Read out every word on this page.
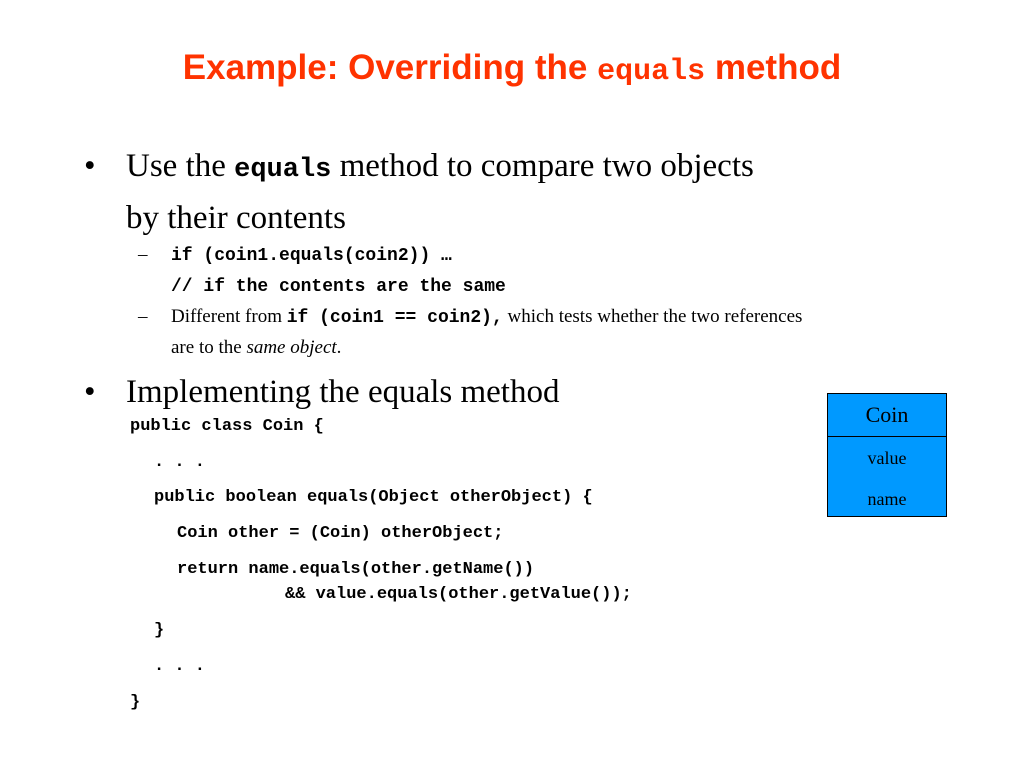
Example: Overriding the equals method
• Use the equals method to compare two objects
by their contents
– if (coin1.equals(coin2)) …
// if the contents are the same
– Different from if (coin1 == coin2), which tests whether the two references
are to the same object.
• Implementing the equals method
public class Coin {
. . .
public boolean equals(Object otherObject) {
Coin other = (Coin) otherObject;
return name.equals(other.getName())
&& value.equals(other.getValue());
}
. . .
}
Coin
value
name
